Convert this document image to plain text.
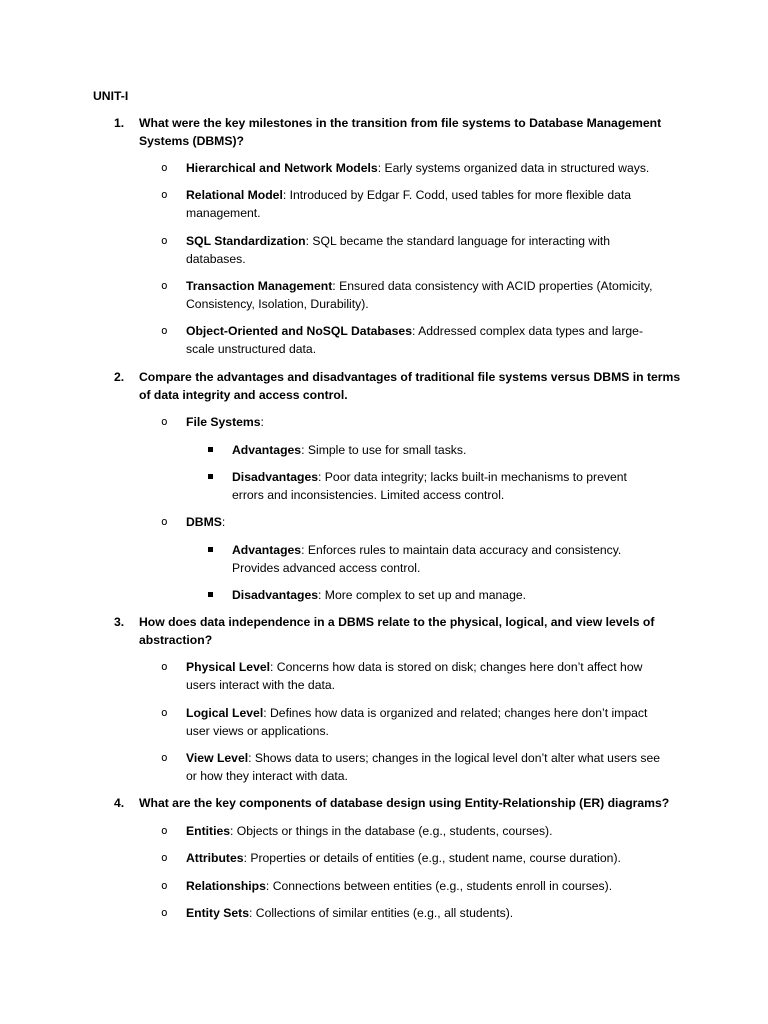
UNIT-I
1.	What were the key milestones in the transition from file systems to Database Management Systems (DBMS)?
o Hierarchical and Network Models: Early systems organized data in structured ways.
o Relational Model: Introduced by Edgar F. Codd, used tables for more flexible data management.
o SQL Standardization: SQL became the standard language for interacting with databases.
o Transaction Management: Ensured data consistency with ACID properties (Atomicity, Consistency, Isolation, Durability).
o Object-Oriented and NoSQL Databases: Addressed complex data types and large-scale unstructured data.
2.	Compare the advantages and disadvantages of traditional file systems versus DBMS in terms of data integrity and access control.
o File Systems:
Advantages: Simple to use for small tasks.
Disadvantages: Poor data integrity; lacks built-in mechanisms to prevent errors and inconsistencies. Limited access control.
o DBMS:
Advantages: Enforces rules to maintain data accuracy and consistency. Provides advanced access control.
Disadvantages: More complex to set up and manage.
3.	How does data independence in a DBMS relate to the physical, logical, and view levels of abstraction?
o Physical Level: Concerns how data is stored on disk; changes here don’t affect how users interact with the data.
o Logical Level: Defines how data is organized and related; changes here don’t impact user views or applications.
o View Level: Shows data to users; changes in the logical level don’t alter what users see or how they interact with data.
4.	What are the key components of database design using Entity-Relationship (ER) diagrams?
o Entities: Objects or things in the database (e.g., students, courses).
o Attributes: Properties or details of entities (e.g., student name, course duration).
o Relationships: Connections between entities (e.g., students enroll in courses).
o Entity Sets: Collections of similar entities (e.g., all students).
